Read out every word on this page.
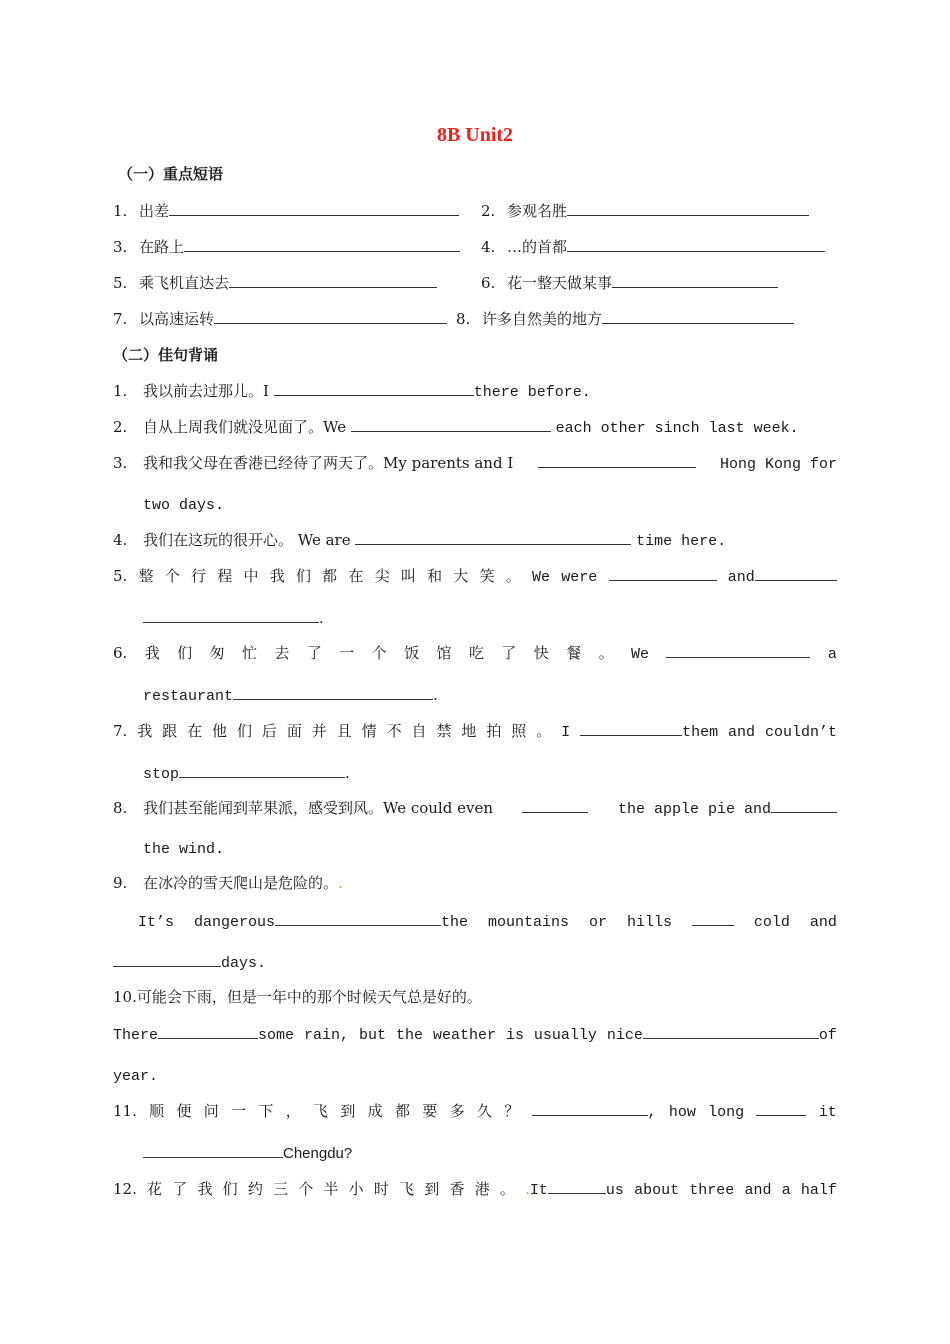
8B Unit2
（一）重点短语
1. 出差	2. 参观名胜
3. 在路上	4. …的首都
5. 乘飞机直达去	6. 花一整天做某事
7. 以高速运转	8. 许多自然美的地方
（二）佳句背诵
1. 我以前去过那儿。I	there before.
2. 自从上周我们就没见面了。We	each other sinch last week.
3. 我和我父母在香港已经待了两天了。My parents and I	Hong Kong for
two days.
4. 我们在这玩的很开心。 We are	time here.
5. 整 个 行 程 中 我 们 都 在 尖 叫 和 大 笑 。 We were	and
.
6. 我 们 匆 忙 去 了 一 个 饭 馆 吃 了 快 餐 。 We	a
restaurant	.
7. 我 跟 在 他 们 后 面 并 且 情 不 自 禁 地 拍 照 。 I	them and couldn’t
stop	.
8. 我们甚至能闻到苹果派，感受到风。We could even	the apple pie and
the wind.
9. 在冰冷的雪天爬山是危险的。.
It’s dangerous	the mountains or hills	cold and
days.
10.可能会下雨，但是一年中的那个时候天气总是好的。
There	some rain, but the weather is usually nice	of
year.
11. 顺 便 问 一 下 ， 飞 到 成 都 要 多 久 ？	, how long	it
Chengdu?
12. 花 了 我 们 约 三 个 半 小 时 飞 到 香 港 。 .It	us about three and a half
